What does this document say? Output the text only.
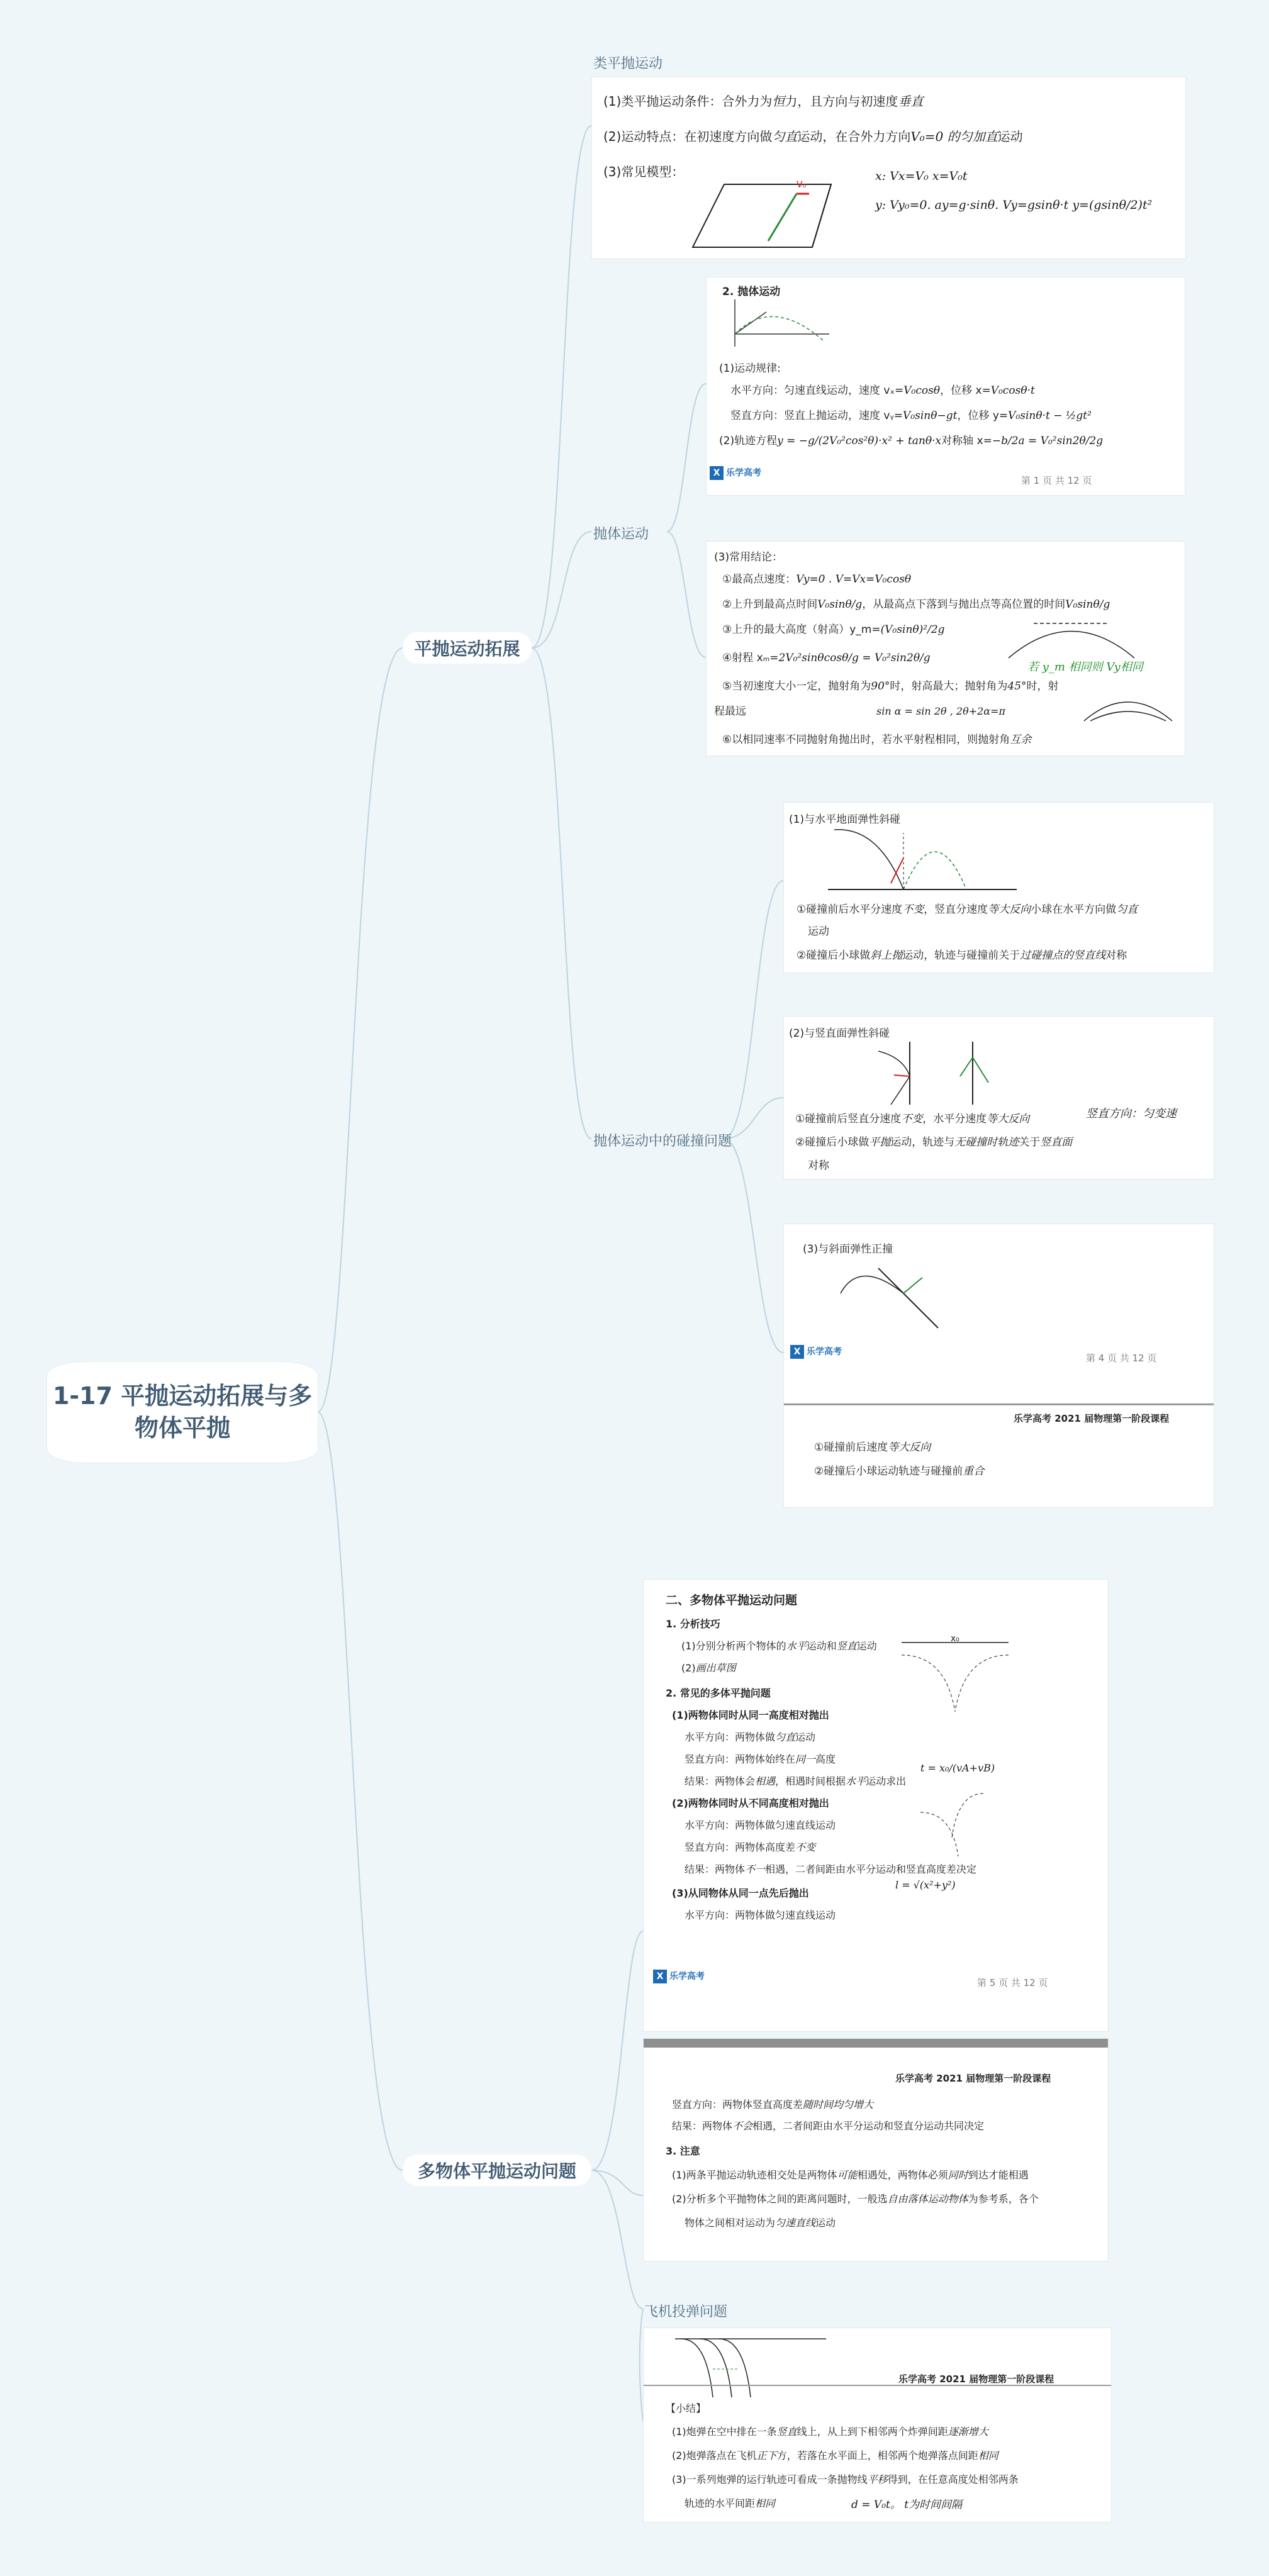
1-17 平抛运动拓展与多物体平抛
平抛运动拓展
多物体平抛运动问题
类平抛运动
抛体运动
抛体运动中的碰撞问题
飞机投弹问题
(1)类平抛运动条件：合外力为恒力，且方向与初速度垂直
(2)运动特点：在初速度方向做匀直运动，在合外力方向V₀=0 的匀加直运动
(3)常见模型：
V₀
x: Vx=V₀ x=V₀t
y: Vy₀=0. ay=g·sinθ. Vy=gsinθ·t y=(gsinθ/2)t²
2. 抛体运动
(1)运动规律:
水平方向：匀速直线运动，速度 vₓ=V₀cosθ，位移 x=V₀cosθ·t
竖直方向：竖直上抛运动，速度 vᵧ=V₀sinθ−gt，位移 y=V₀sinθ·t − ½gt²
(2)轨迹方程y = −g/(2V₀²cos²θ)·x² + tanθ·x对称轴 x=−b/2a = V₀²sin2θ/2g
X 乐学高考
第 1 页 共 12 页
(3)常用结论：
①最高点速度：Vy=0 . V=Vx=V₀cosθ
②上升到最高点时间V₀sinθ/g，从最高点下落到与抛出点等高位置的时间V₀sinθ/g
③上升的最大高度（射高）y_m=(V₀sinθ)²/2g
④射程 xₘ=2V₀²sinθcosθ/g = V₀²sin2θ/g
若 y_m 相同则 Vy相同
⑤当初速度大小一定，抛射角为90°时，射高最大；抛射角为45°时，射
程最远	sin α = sin 2θ , 2θ+2α=π
⑥以相同速率不同抛射角抛出时，若水平射程相同，则抛射角互余
(1)与水平地面弹性斜碰
①碰撞前后水平分速度不变，竖直分速度等大反向小球在水平方向做匀直
运动
②碰撞后小球做斜上抛运动，轨迹与碰撞前关于过碰撞点的竖直线对称
(2)与竖直面弹性斜碰
①碰撞前后竖直分速度不变，水平分速度等大反向	竖直方向：匀变速
②碰撞后小球做平抛运动，轨迹与无碰撞时轨迹关于竖直面
对称
(3)与斜面弹性正撞
X 乐学高考
第 4 页 共 12 页
乐学高考 2021 届物理第一阶段课程
①碰撞前后速度等大反向
②碰撞后小球运动轨迹与碰撞前重合
二、多物体平抛运动问题
1. 分析技巧
(1)分别分析两个物体的水平运动和竖直运动
(2)画出草图
2. 常见的多体平抛问题
(1)两物体同时从同一高度相对抛出
水平方向：两物体做匀直运动
竖直方向：两物体始终在同一高度
结果：两物体会相遇，相遇时间根据水平运动求出
(2)两物体同时从不同高度相对抛出
水平方向：两物体做匀速直线运动
竖直方向：两物体高度差不变
结果：两物体不一相遇，二者间距由水平分运动和竖直高度差决定
(3)从同物体从同一点先后抛出
水平方向：两物体做匀速直线运动
x₀
t = x₀/(vA+vB)
l = √(x²+y²)
X 乐学高考
第 5 页 共 12 页
乐学高考 2021 届物理第一阶段课程
竖直方向：两物体竖直高度差随时间均匀增大
结果：两物体不会相遇，二者间距由水平分运动和竖直分运动共同决定
3. 注意
(1)两条平抛运动轨迹相交处是两物体可能相遇处，两物体必须同时到达才能相遇
(2)分析多个平抛物体之间的距离问题时，一般选自由落体运动物体为参考系，各个
物体之间相对运动为匀速直线运动
乐学高考 2021 届物理第一阶段课程
【小结】
(1)炮弹在空中排在一条竖直线上，从上到下相邻两个炸弹间距逐渐增大
(2)炮弹落点在飞机正下方，若落在水平面上，相邻两个炮弹落点间距相同
(3)一系列炮弹的运行轨迹可看成一条抛物线平移得到，在任意高度处相邻两条
轨迹的水平间距相同	d = V₀t。 t为时间间隔
